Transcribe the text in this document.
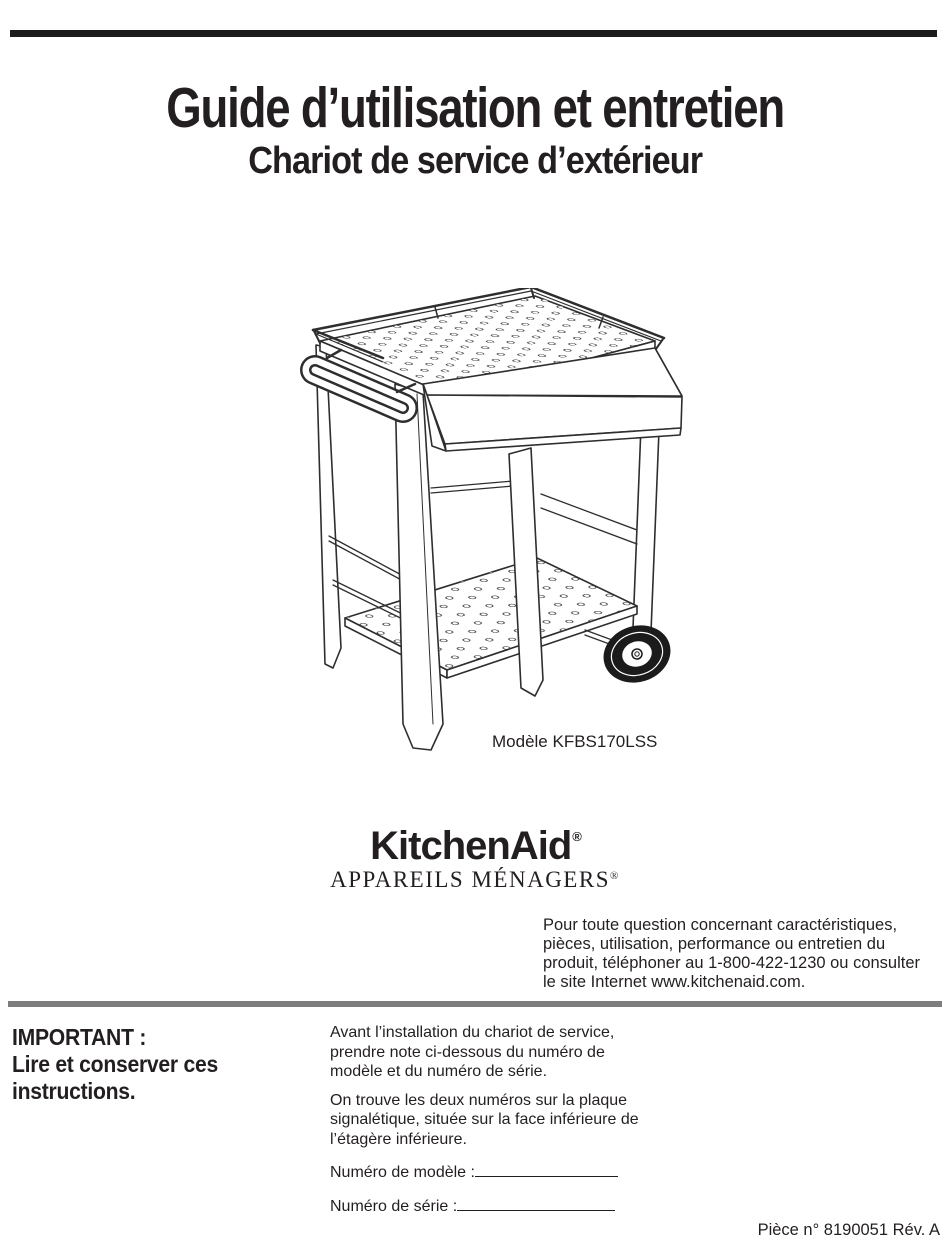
Guide d’utilisation et entretien
Chariot de service d’extérieur
Modèle KFBS170LSS
KitchenAid®
APPAREILS MÉNAGERS®
Pour toute question concernant caractéristiques,
pièces, utilisation, performance ou entretien du
produit, téléphoner au 1-800-422-1230 ou consulter
le site Internet www.kitchenaid.com.
IMPORTANT :
Lire et conserver ces
instructions.
Avant l’installation du chariot de service,
prendre note ci-dessous du numéro de
modèle et du numéro de série.
On trouve les deux numéros sur la plaque
signalétique, située sur la face inférieure de
l’étagère inférieure.
Numéro de modèle :
Numéro de série :
Pièce n° 8190051 Rév. A
